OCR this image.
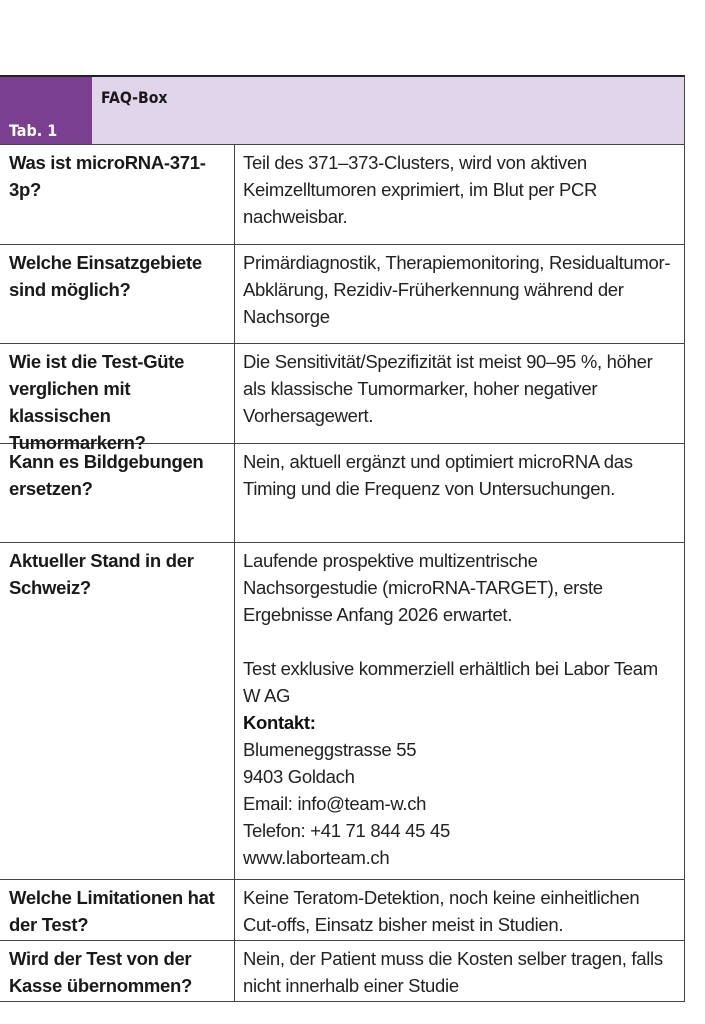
Tab. 1
FAQ-Box
Was ist microRNA-371-3p?
Teil des 371–373-Clusters, wird von aktiven Keimzelltumoren exprimiert, im Blut per PCR nachweisbar.
Welche Einsatzgebiete sind möglich?
Primärdiagnostik, Therapiemonitoring, Residualtumor-Abklärung, Rezidiv-Früherkennung während der Nachsorge
Wie ist die Test-Güte verglichen mit klassischen Tumormarkern?
Die Sensitivität/Spezifizität ist meist 90–95 %, höher als klassische Tumormarker, hoher negativer Vorhersagewert.
Kann es Bildgebungen ersetzen?
Nein, aktuell ergänzt und optimiert microRNA das Timing und die Frequenz von Untersuchungen.
Aktueller Stand in der Schweiz?
Laufende prospektive multizentrische Nachsorgestudie (microRNA-TARGET), erste Ergebnisse Anfang 2026 erwartet.
Test exklusive kommerziell erhältlich bei Labor Team W AG
Kontakt:
Blumeneggstrasse 55
9403 Goldach
Email: info@team-w.ch
Telefon: +41 71 844 45 45
www.laborteam.ch
Welche Limitationen hat der Test?
Keine Teratom-Detektion, noch keine einheitlichen Cut-offs, Einsatz bisher meist in Studien.
Wird der Test von der Kasse übernommen?
Nein, der Patient muss die Kosten selber tragen, falls nicht innerhalb einer Studie
